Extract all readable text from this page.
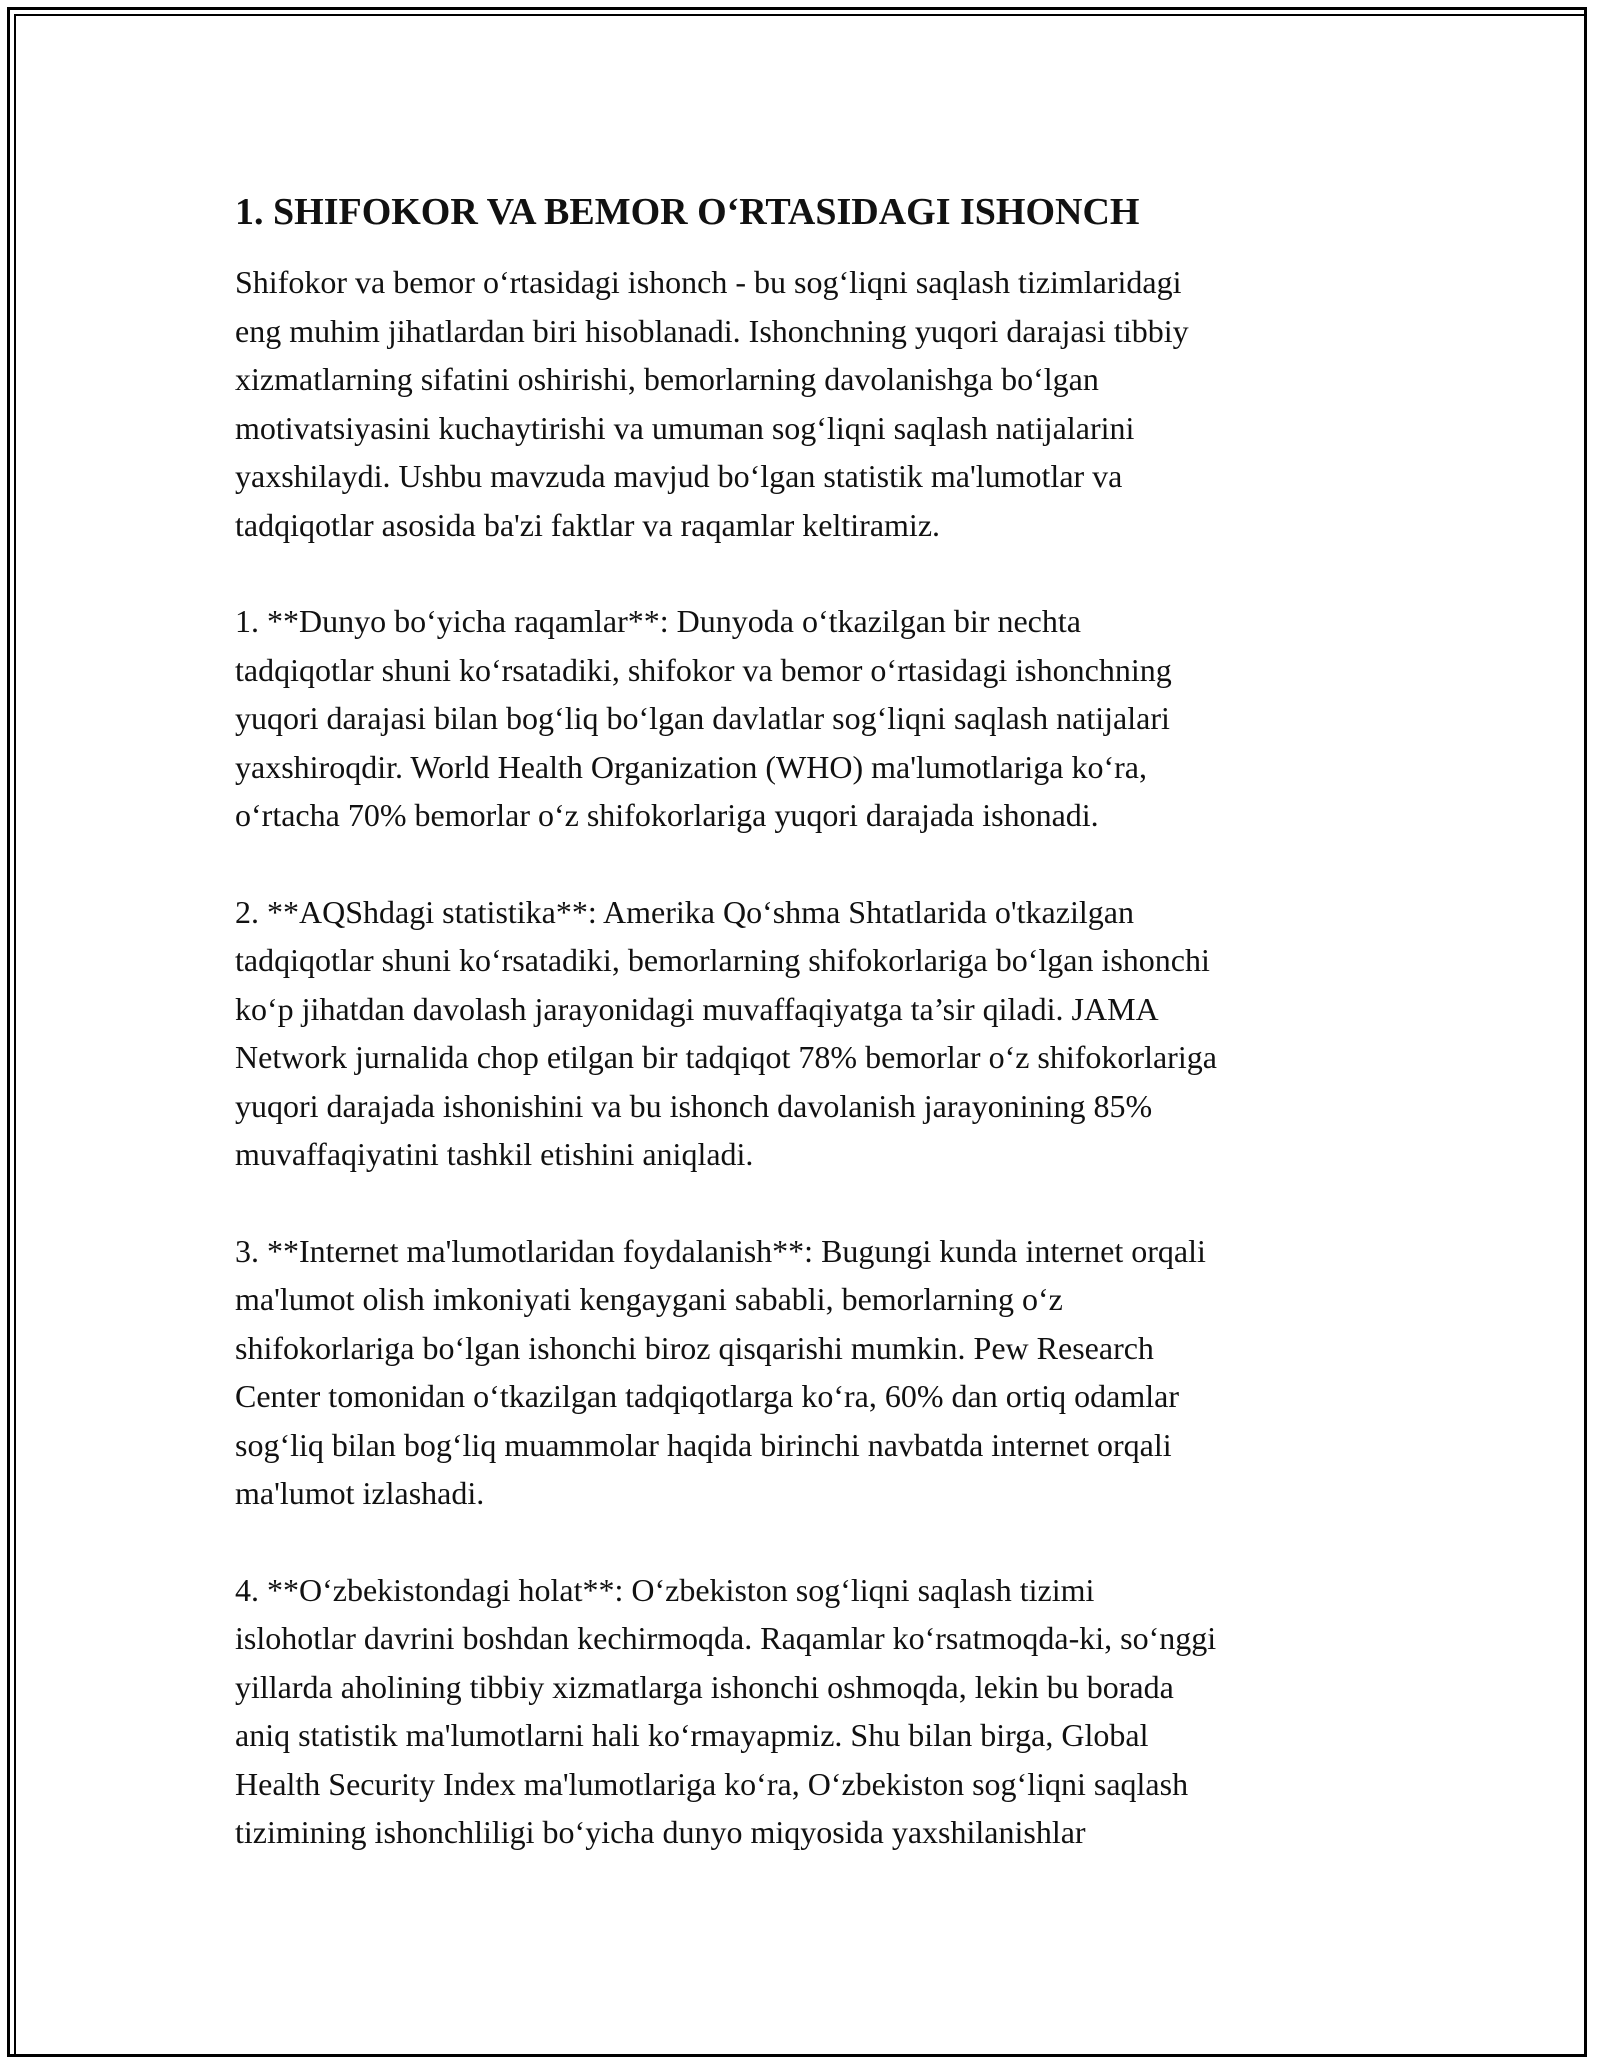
1. SHIFOKOR VA BEMOR O‘RTASIDAGI ISHONCH

Shifokor va bemor o‘rtasidagi ishonch - bu sog‘liqni saqlash tizimlaridagi
eng muhim jihatlardan biri hisoblanadi. Ishonchning yuqori darajasi tibbiy
xizmatlarning sifatini oshirishi, bemorlarning davolanishga bo‘lgan
motivatsiyasini kuchaytirishi va umuman sog‘liqni saqlash natijalarini
yaxshilaydi. Ushbu mavzuda mavjud bo‘lgan statistik ma'lumotlar va
tadqiqotlar asosida ba'zi faktlar va raqamlar keltiramiz.

1. **Dunyo bo‘yicha raqamlar**: Dunyoda o‘tkazilgan bir nechta
tadqiqotlar shuni ko‘rsatadiki, shifokor va bemor o‘rtasidagi ishonchning
yuqori darajasi bilan bog‘liq bo‘lgan davlatlar sog‘liqni saqlash natijalari
yaxshiroqdir. World Health Organization (WHO) ma'lumotlariga ko‘ra,
o‘rtacha 70% bemorlar o‘z shifokorlariga yuqori darajada ishonadi.

2. **AQShdagi statistika**: Amerika Qo‘shma Shtatlarida o'tkazilgan
tadqiqotlar shuni ko‘rsatadiki, bemorlarning shifokorlariga bo‘lgan ishonchi
ko‘p jihatdan davolash jarayonidagi muvaffaqiyatga ta’sir qiladi. JAMA
Network jurnalida chop etilgan bir tadqiqot 78% bemorlar o‘z shifokorlariga
yuqori darajada ishonishini va bu ishonch davolanish jarayonining 85%
muvaffaqiyatini tashkil etishini aniqladi.

3. **Internet ma'lumotlaridan foydalanish**: Bugungi kunda internet orqali
ma'lumot olish imkoniyati kengaygani sababli, bemorlarning o‘z
shifokorlariga bo‘lgan ishonchi biroz qisqarishi mumkin. Pew Research
Center tomonidan o‘tkazilgan tadqiqotlarga ko‘ra, 60% dan ortiq odamlar
sog‘liq bilan bog‘liq muammolar haqida birinchi navbatda internet orqali
ma'lumot izlashadi.

4. **O‘zbekistondagi holat**: O‘zbekiston sog‘liqni saqlash tizimi
islohotlar davrini boshdan kechirmoqda. Raqamlar ko‘rsatmoqda-ki, so‘nggi
yillarda aholining tibbiy xizmatlarga ishonchi oshmoqda, lekin bu borada
aniq statistik ma'lumotlarni hali ko‘rmayapmiz. Shu bilan birga, Global
Health Security Index ma'lumotlariga ko‘ra, O‘zbekiston sog‘liqni saqlash
tizimining ishonchliligi bo‘yicha dunyo miqyosida yaxshilanishlar
